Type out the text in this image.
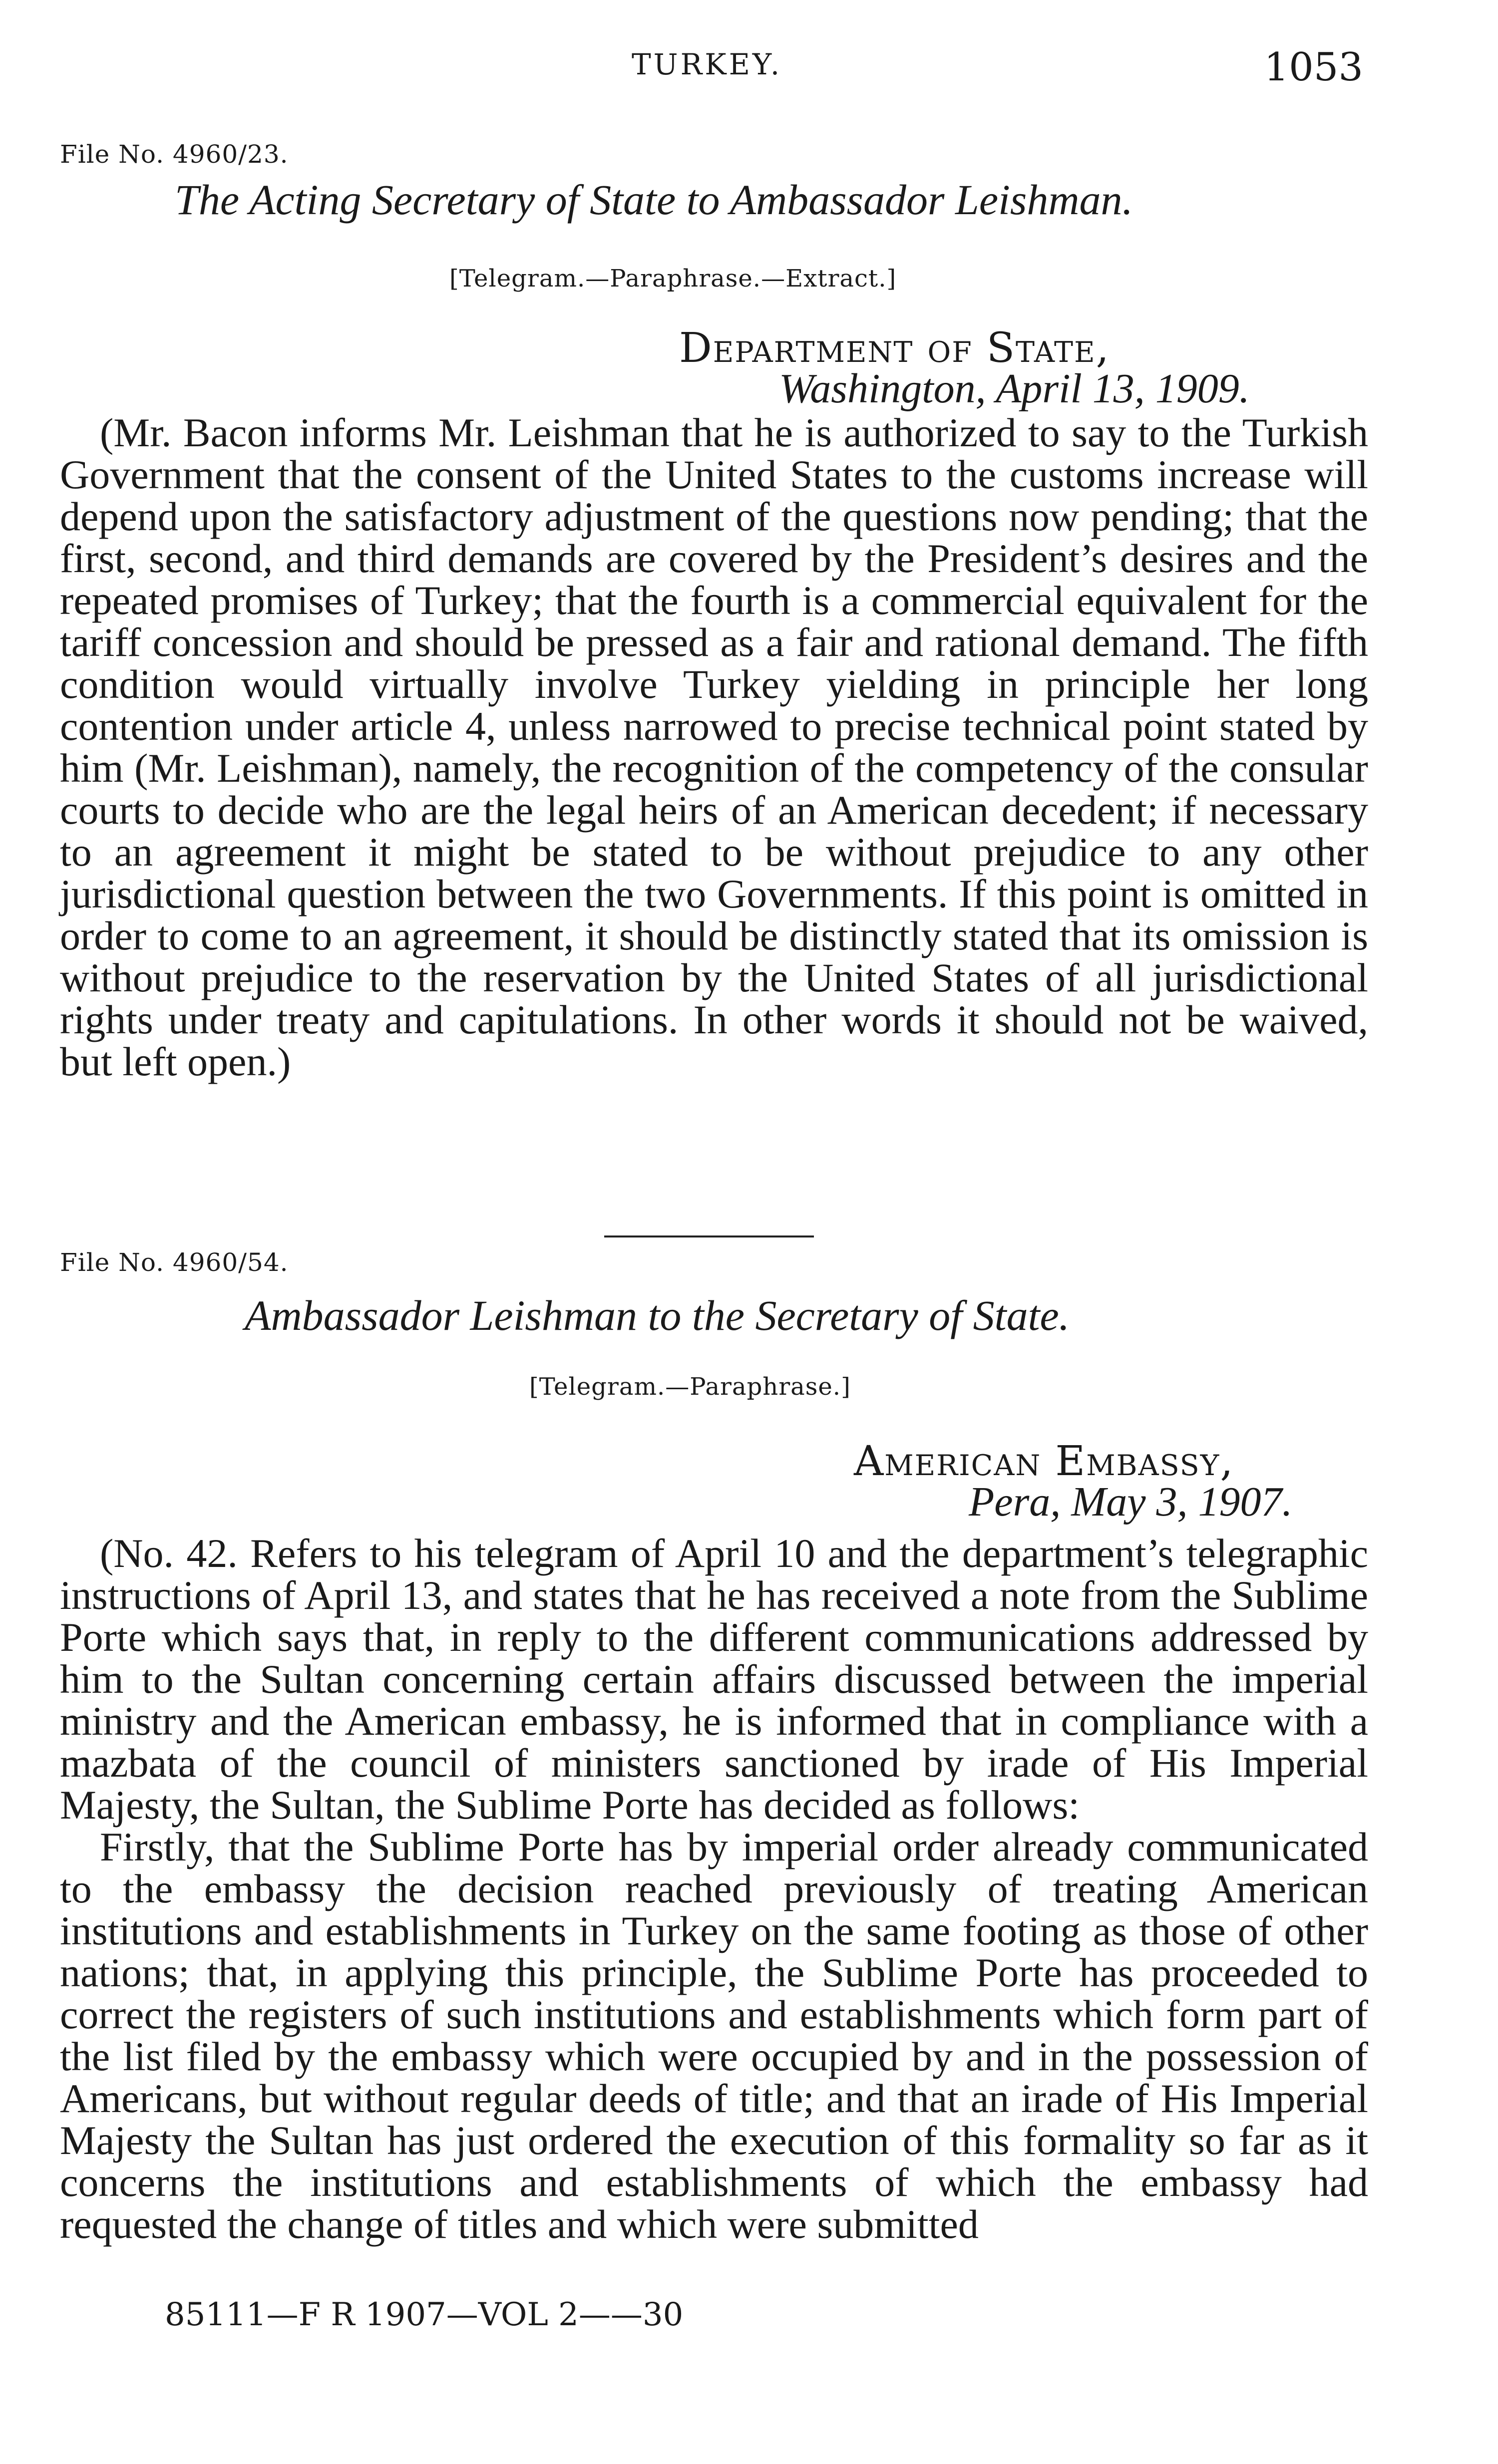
TURKEY.	1053
File No. 4960/23.
The Acting Secretary of State to Ambassador Leishman.
[Telegram.—Paraphrase.—Extract.]
Department of State,
Washington, April 13, 1909.

(Mr. Bacon informs Mr. Leishman that he is authorized to say to the Turkish Government that the consent of the United States to the customs increase will depend upon the satisfactory adjustment of the questions now pending; that the first, second, and third demands are covered by the President’s desires and the repeated promises of Turkey; that the fourth is a commercial equivalent for the tariff concession and should be pressed as a fair and rational demand. The fifth condition would virtually involve Turkey yielding in principle her long contention under article 4, unless narrowed to precise technical point stated by him (Mr. Leishman), namely, the recognition of the competency of the consular courts to decide who are the legal heirs of an American decedent; if necessary to an agreement it might be stated to be without prejudice to any other jurisdictional question between the two Governments. If this point is omitted in order to come to an agreement, it should be distinctly stated that its omission is without prejudice to the reservation by the United States of all jurisdictional rights under treaty and capitulations. In other words it should not be waived, but left open.)

File No. 4960/54.
Ambassador Leishman to the Secretary of State.
[Telegram.—Paraphrase.]
American Embassy,
Pera, May 3, 1907.

(No. 42. Refers to his telegram of April 10 and the department’s telegraphic instructions of April 13, and states that he has received a note from the Sublime Porte which says that, in reply to the different communications addressed by him to the Sultan concerning certain affairs discussed between the imperial ministry and the American embassy, he is informed that in compliance with a mazbata of the council of ministers sanctioned by irade of His Imperial Majesty, the Sultan, the Sublime Porte has decided as follows:

Firstly, that the Sublime Porte has by imperial order already communicated to the embassy the decision reached previously of treating American institutions and establishments in Turkey on the same footing as those of other nations; that, in applying this principle, the Sublime Porte has proceeded to correct the registers of such institutions and establishments which form part of the list filed by the embassy which were occupied by and in the possession of Americans, but without regular deeds of title; and that an irade of His Imperial Majesty the Sultan has just ordered the execution of this formality so far as it concerns the institutions and establishments of which the embassy had requested the change of titles and which were submitted

85111—F R 1907—VOL 2——30
